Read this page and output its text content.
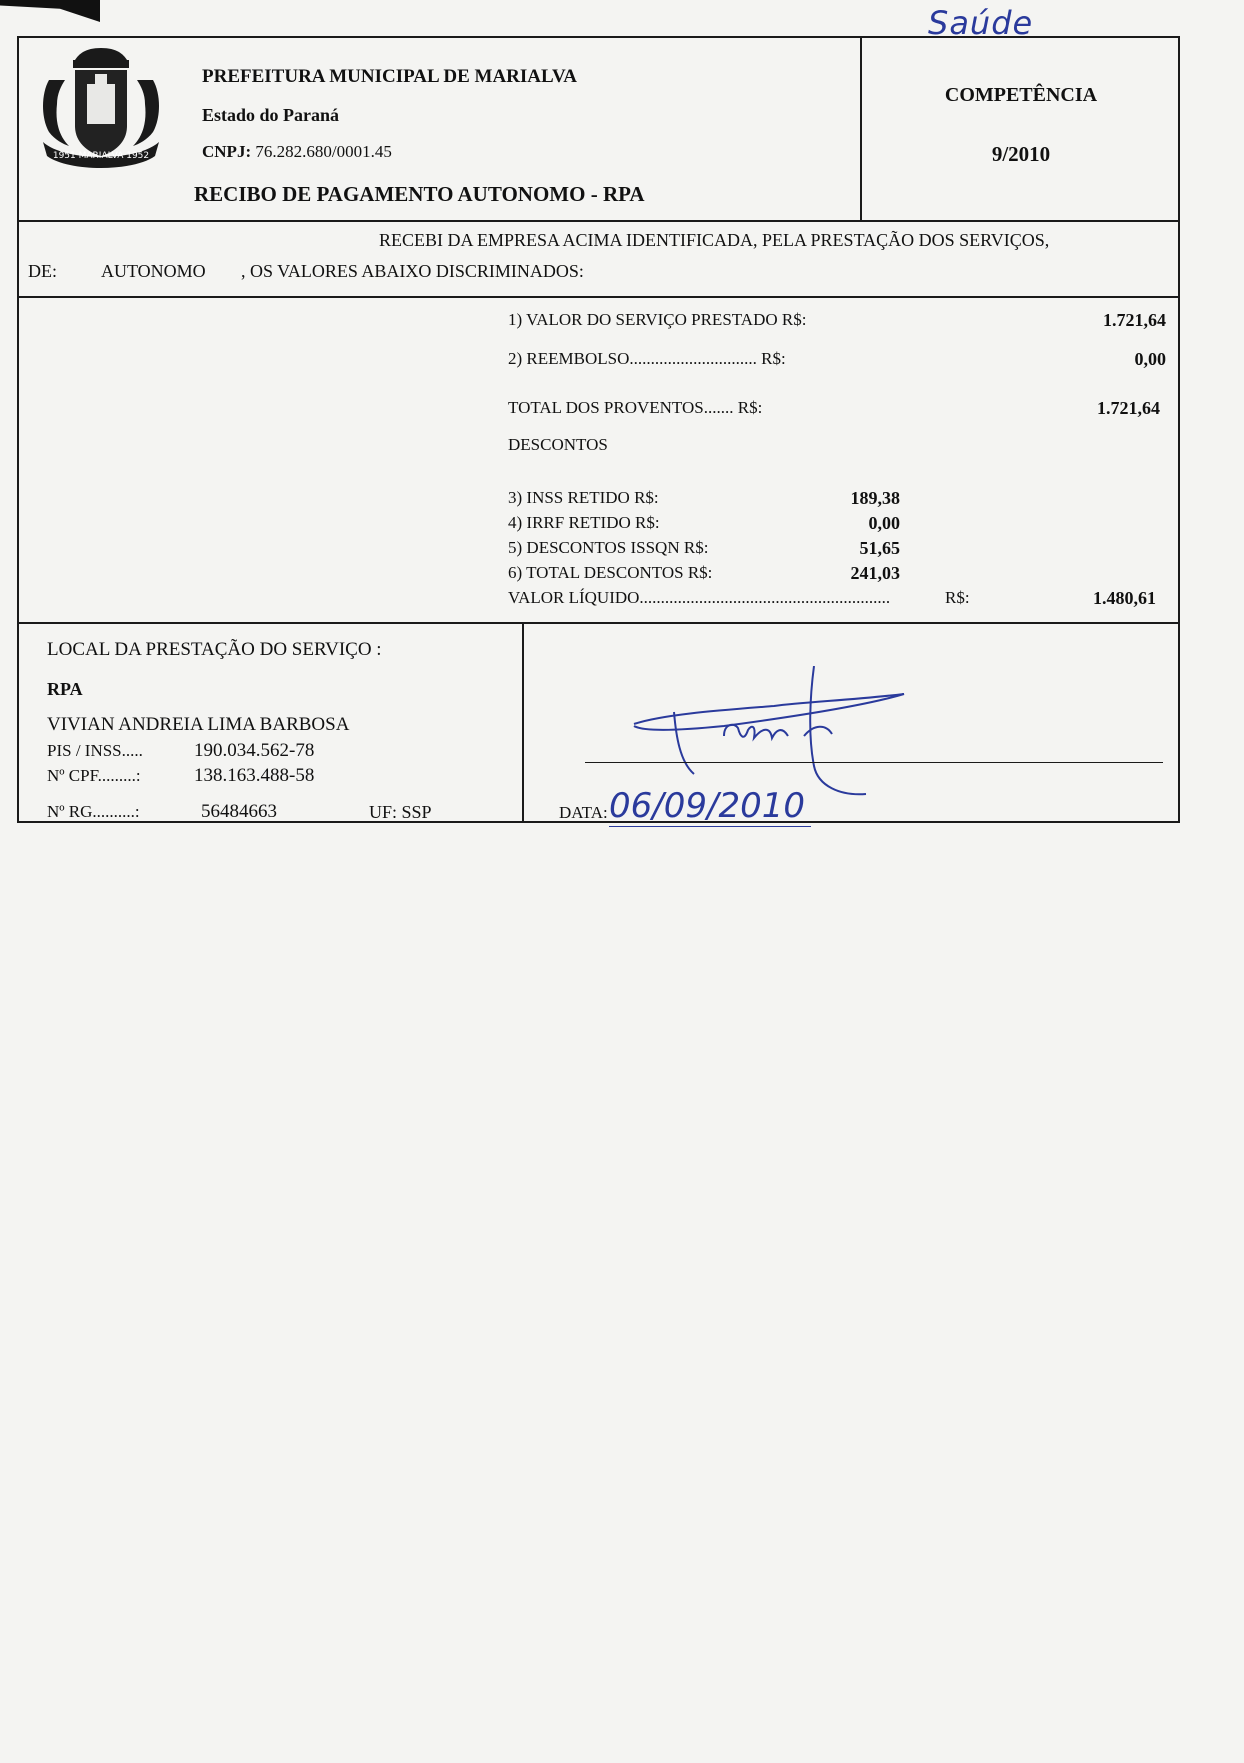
Saúde
1951 MARIALVA 1952
PREFEITURA MUNICIPAL DE MARIALVA
Estado do Paraná
CNPJ: 76.282.680/0001.45
RECIBO DE PAGAMENTO AUTONOMO - RPA
COMPETÊNCIA
9/2010
RECEBI DA EMPRESA ACIMA IDENTIFICADA, PELA PRESTAÇÃO DOS SERVIÇOS,
DE: AUTONOMO , OS VALORES ABAIXO DISCRIMINADOS:
1) VALOR DO SERVIÇO PRESTADO R$:	1.721,64
2) REEMBOLSO.............................. R$:	0,00
TOTAL DOS PROVENTOS....... R$:	1.721,64
DESCONTOS
3) INSS RETIDO R$:	189,38
4) IRRF RETIDO R$:	0,00
5) DESCONTOS ISSQN R$:	51,65
6) TOTAL DESCONTOS R$:	241,03
VALOR LÍQUIDO...........................................................	R$:	1.480,61
LOCAL DA PRESTAÇÃO DO SERVIÇO :
RPA
VIVIAN ANDREIA LIMA BARBOSA
PIS / INSS.....	190.034.562-78
Nº CPF.........:	138.163.488-58
Nº RG..........:	56484663	UF: SSP	DATA: 06/09/2010
